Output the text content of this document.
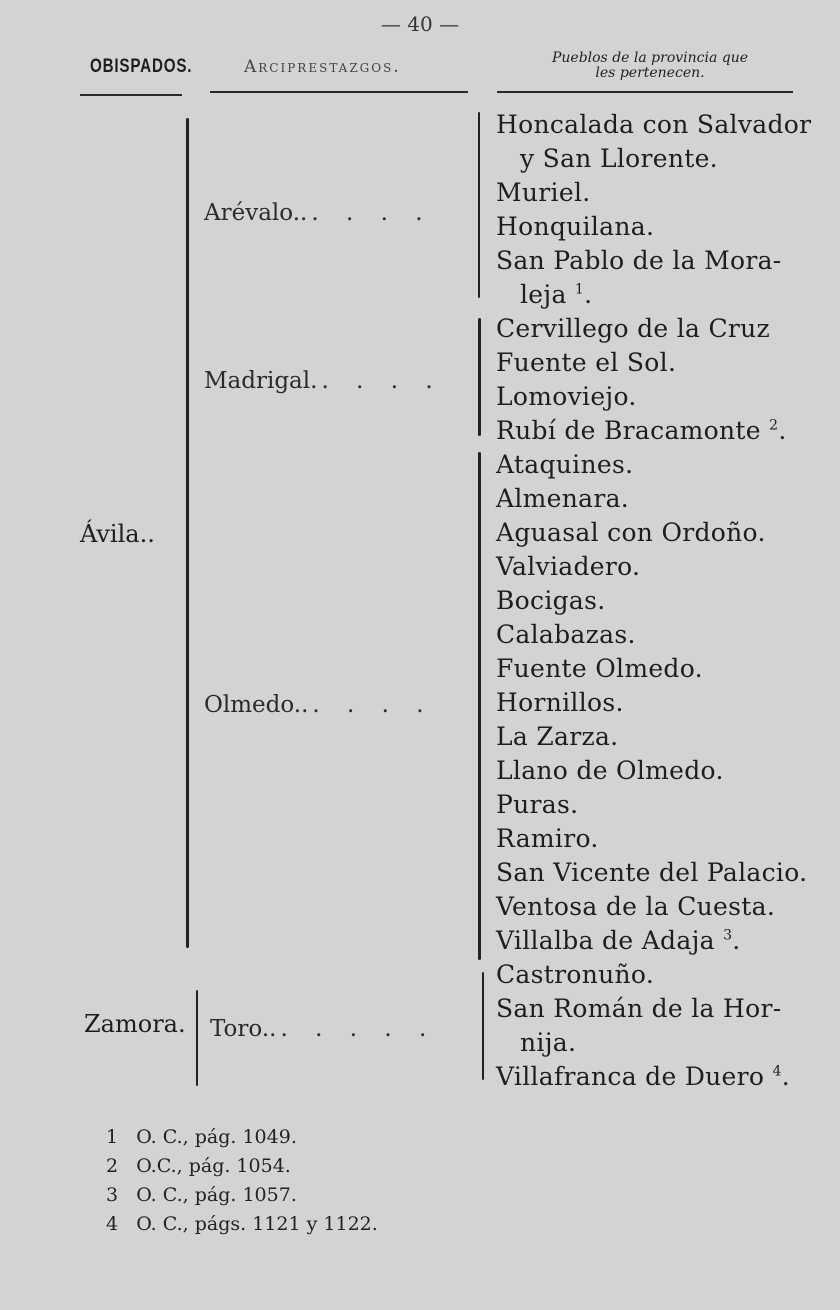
— 40 —
OBISPADOS.	Arciprestazgos.	Pueblos de la provincia que
les pertenecen.
Ávila..
Zamora.
Arévalo.. . . . .
Madrigal. . . . .
Olmedo.. . . . .
Toro.. . . . . .
Honcalada con Salvador
y San Llorente.
Muriel.
Honquilana.
San Pablo de la Mora-
leja $^1$.
Cervillego de la Cruz
Fuente el Sol.
Lomoviejo.
Rubí de Bracamonte $^2$.
Ataquines.
Almenara.
Aguasal con Ordoño.
Valviadero.
Bocigas.
Calabazas.
Fuente Olmedo.
Hornillos.
La Zarza.
Llano de Olmedo.
Puras.
Ramiro.
San Vicente del Palacio.
Ventosa de la Cuesta.
Villalba de Adaja $^3$.
Castronuño.
San Román de la Hor-
nija.
Villafranca de Duero $^4$.
1 O. C., pág. 1049.
2 O.C., pág. 1054.
3 O. C., pág. 1057.
4 O. C., págs. 1121 y 1122.
